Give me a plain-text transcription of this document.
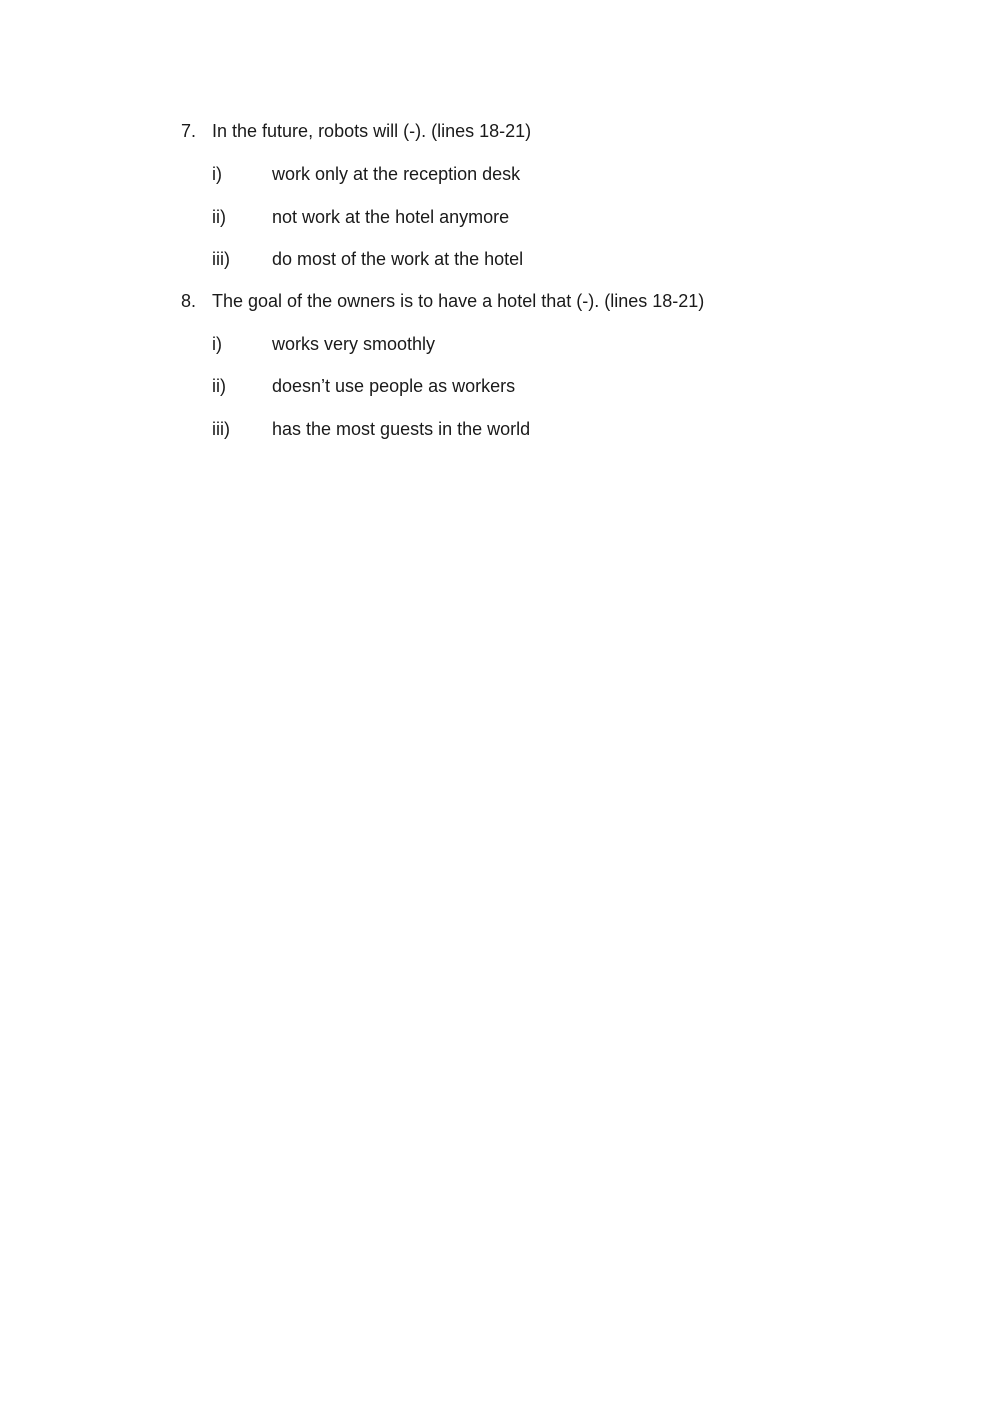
7. In the future, robots will (-). (lines 18-21)
i)	work only at the reception desk
ii)	not work at the hotel anymore
iii) do most of the work at the hotel
8. The goal of the owners is to have a hotel that (-). (lines 18-21)
i)	works very smoothly
ii)	doesn’t use people as workers
iii) has the most guests in the world
